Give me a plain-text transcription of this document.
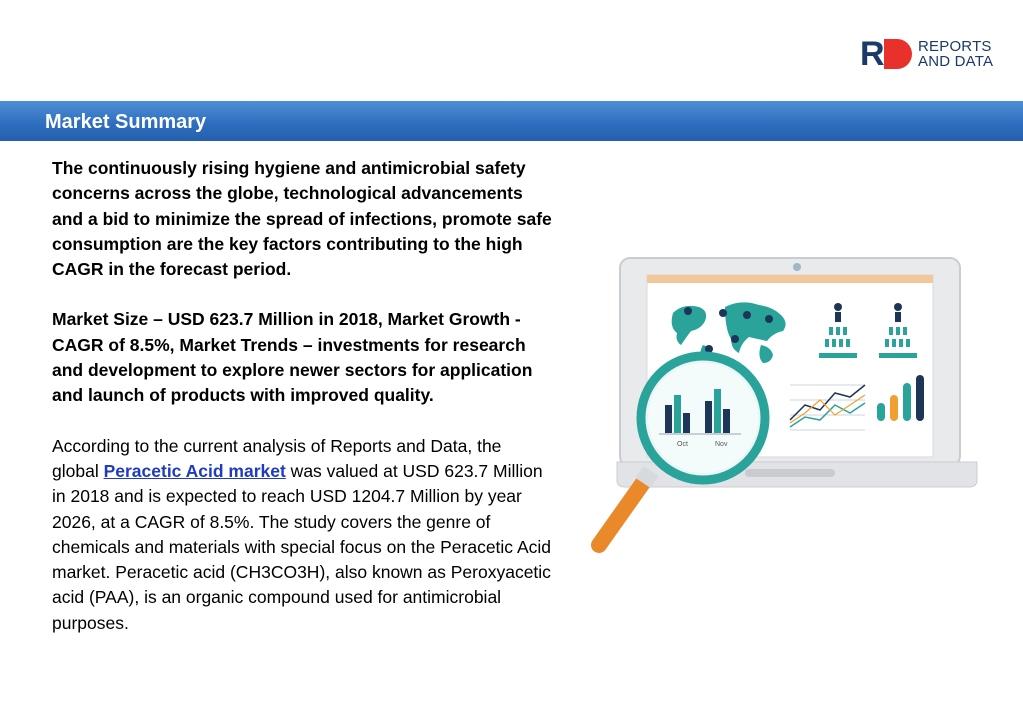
R REPORTS
AND DATA
Market Summary

The continuously rising hygiene and antimicrobial safety concerns across the globe, technological advancements and a bid to minimize the spread of infections, promote safe consumption are the key factors contributing to the high CAGR in the forecast period.

Market Size – USD 623.7 Million in 2018, Market Growth - CAGR of 8.5%, Market Trends – investments for research and development to explore newer sectors for application and launch of products with improved quality.

According to the current analysis of Reports and Data, the global Peracetic Acid market was valued at USD 623.7 Million in 2018 and is expected to reach USD 1204.7 Million by year 2026, at a CAGR of 8.5%. The study covers the genre of chemicals and materials with special focus on the Peracetic Acid market. Peracetic acid (CH3CO3H), also known as Peroxyacetic acid (PAA), is an organic compound used for antimicrobial purposes.

Oct	Nov
